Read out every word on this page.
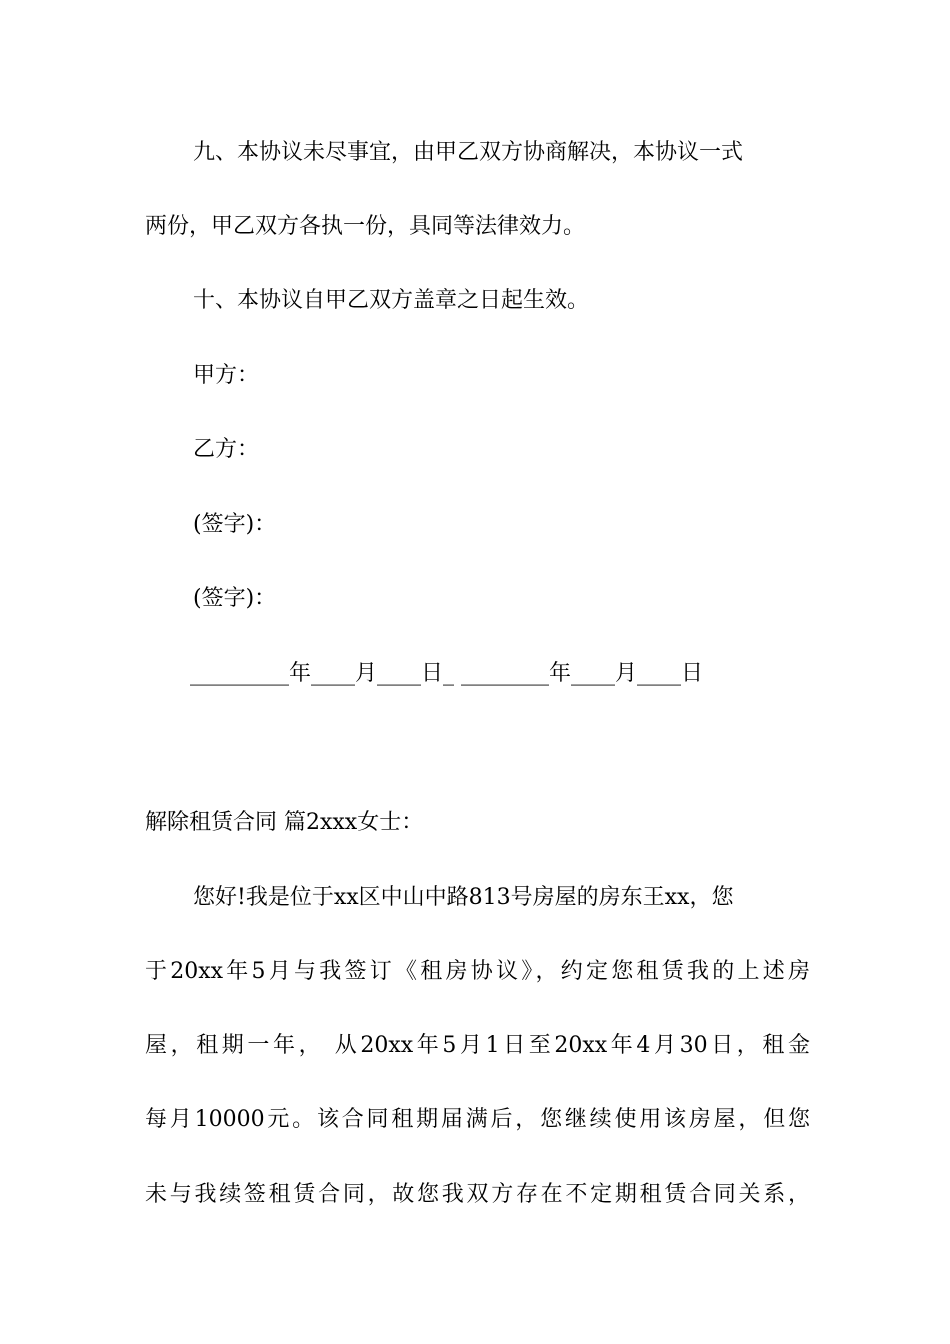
九、本协议未尽事宜，由甲乙双方协商解决，本协议一式
两份，甲乙双方各执一份，具同等法律效力。
十、本协议自甲乙双方盖章之日起生效。
甲方：
乙方：
(签字)：
(签字)：
_________年____月____日_ ________年____月____日
解除租赁合同 篇2xxx女士：
您好!我是位于xx区中山中路813号房屋的房东王xx，您
于20xx年5月与我签订《租房协议》，约定您租赁我的上述房
屋，租期一年， 从20xx年5月1日至20xx年4月30日，租金
每月10000元。该合同租期届满后，您继续使用该房屋，但您
未与我续签租赁合同，故您我双方存在不定期租赁合同关系，
